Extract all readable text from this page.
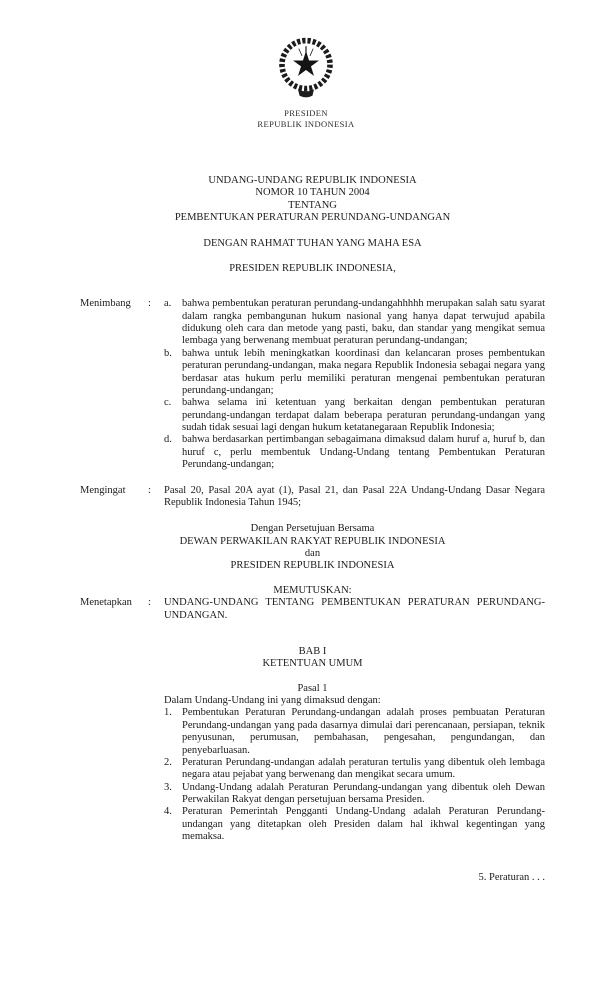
PRESIDEN
REPUBLIK INDONESIA
UNDANG-UNDANG REPUBLIK INDONESIA
NOMOR 10 TAHUN 2004
TENTANG
PEMBENTUKAN PERATURAN PERUNDANG-UNDANGAN
DENGAN RAHMAT TUHAN YANG MAHA ESA
PRESIDEN REPUBLIK INDONESIA,
Menimbang	:	a.	bahwa pembentukan peraturan perundang-undangahhhhh merupakan salah satu syarat dalam rangka pembangunan hukum nasional yang hanya dapat terwujud apabila didukung oleh cara dan metode yang pasti, baku, dan standar yang mengikat semua lembaga yang berwenang membuat peraturan perundang-undangan;
b. bahwa untuk lebih meningkatkan koordinasi dan kelancaran proses pembentukan peraturan perundang-undangan, maka negara Republik Indonesia sebagai negara yang berdasar atas hukum perlu memiliki peraturan mengenai pembentukan peraturan perundang-undangan;
c.	bahwa selama ini ketentuan yang berkaitan dengan pembentukan peraturan perundang-undangan terdapat dalam beberapa peraturan perundang-undangan yang sudah tidak sesuai lagi dengan hukum ketatanegaraan Republik Indonesia;
d. bahwa berdasarkan pertimbangan sebagaimana dimaksud dalam huruf a, huruf b, dan huruf c, perlu membentuk Undang-Undang tentang Pembentukan Peraturan Perundang-undangan;
Mengingat	:	Pasal 20, Pasal 20A ayat (1), Pasal 21, dan Pasal 22A Undang-Undang Dasar Negara Republik Indonesia Tahun 1945;
Dengan Persetujuan Bersama
DEWAN PERWAKILAN RAKYAT REPUBLIK INDONESIA
dan
PRESIDEN REPUBLIK INDONESIA
MEMUTUSKAN:
Menetapkan	:	UNDANG-UNDANG TENTANG PEMBENTUKAN PERATURAN PERUNDANG-UNDANGAN.
BAB I
KETENTUAN UMUM
Pasal 1
Dalam Undang-Undang ini yang dimaksud dengan:
1. Pembentukan Peraturan Perundang-undangan adalah proses pembuatan Peraturan Perundang-undangan yang pada dasarnya dimulai dari perencanaan, persiapan, teknik penyusunan, perumusan, pembahasan, pengesahan, pengundangan, dan penyebarluasan.
2. Peraturan Perundang-undangan adalah peraturan tertulis yang dibentuk oleh lembaga negara atau pejabat yang berwenang dan mengikat secara umum.
3. Undang-Undang adalah Peraturan Perundang-undangan yang dibentuk oleh Dewan Perwakilan Rakyat dengan persetujuan bersama Presiden.
4. Peraturan Pemerintah Pengganti Undang-Undang adalah Peraturan Perundang-undangan yang ditetapkan oleh Presiden dalam hal ikhwal kegentingan yang memaksa.
5. Peraturan . . .
